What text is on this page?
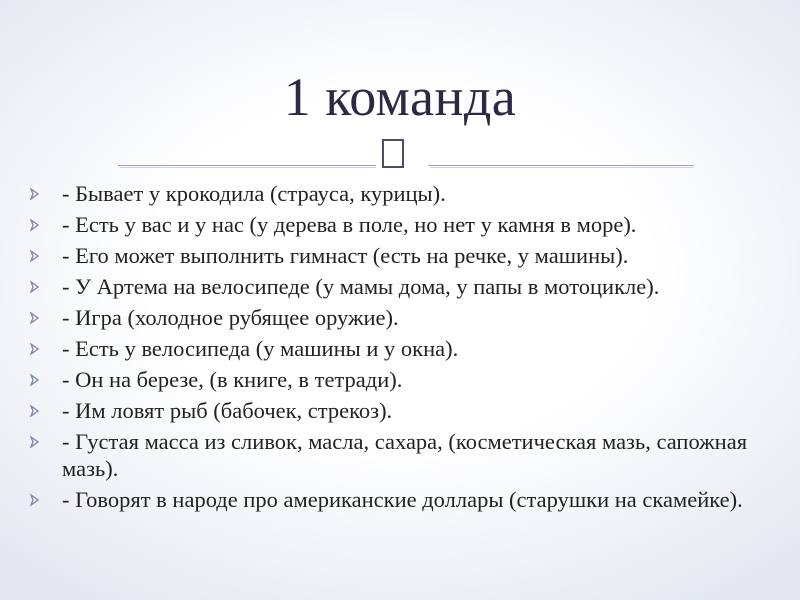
1 команда
- Бывает у крокодила (страуса, курицы).
- Есть у вас и у нас (у дерева в поле, но нет у камня в море).
- Его может выполнить гимнаст (есть на речке, у машины).
- У Артема на велосипеде (у мамы дома, у папы в мотоцикле).
- Игра (холодное рубящее оружие).
- Есть у велосипеда (у машины и у окна).
- Он на березе, (в книге, в тетради).
- Им ловят рыб (бабочек, стрекоз).
- Густая масса из сливок, масла, сахара, (косметическая мазь, сапожная мазь).
- Говорят в народе про американские доллары (старушки на скамейке).
